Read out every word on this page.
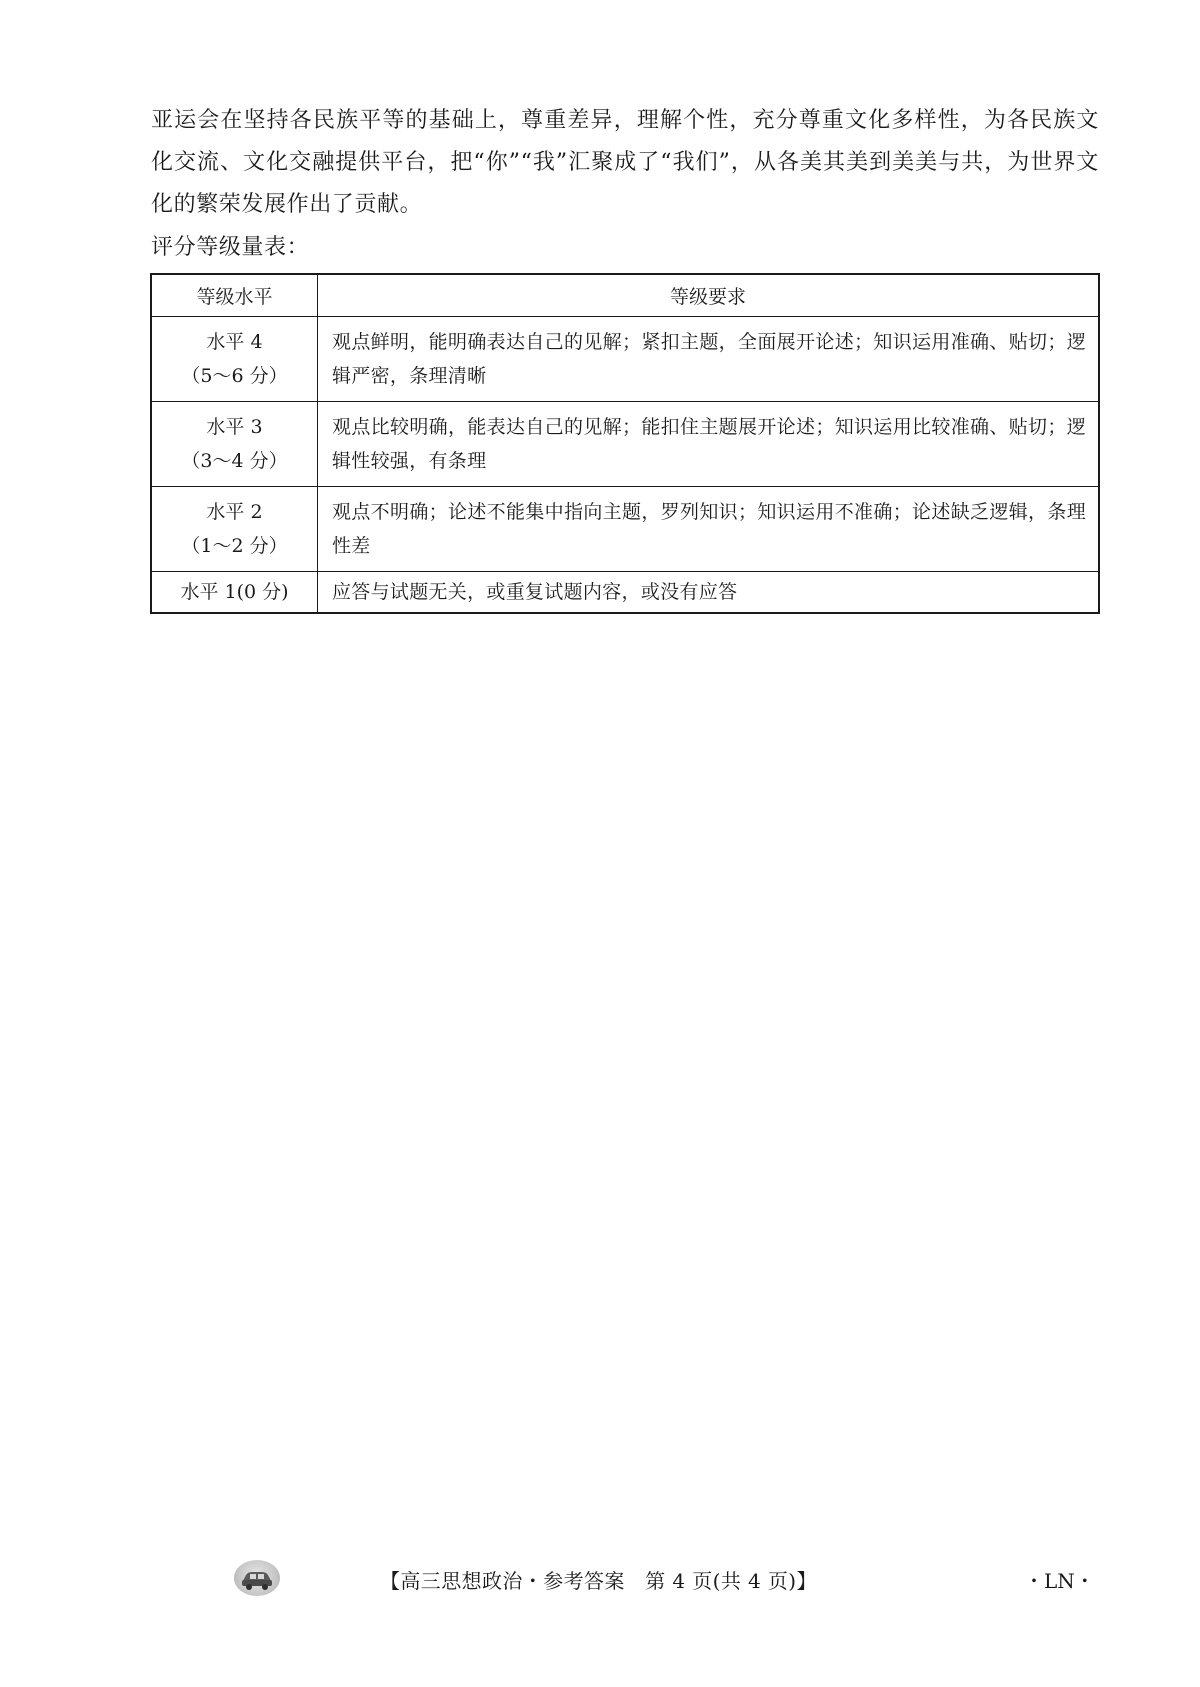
亚运会在坚持各民族平等的基础上，尊重差异，理解个性，充分尊重文化多样性，为各民族文化交流、文化交融提供平台，把“你”“我”汇聚成了“我们”，从各美其美到美美与共，为世界文化的繁荣发展作出了贡献。
评分等级量表：
等级水平	等级要求

水平 4
（5～6 分）	观点鲜明，能明确表达自己的见解；紧扣主题，全面展开论述；知识运用准确、贴切；逻辑严密，条理清晰

水平 3
（3～4 分）	观点比较明确，能表达自己的见解；能扣住主题展开论述；知识运用比较准确、贴切；逻辑性较强，有条理

水平 2
（1～2 分）	观点不明确；论述不能集中指向主题，罗列知识；知识运用不准确；论述缺乏逻辑，条理性差

水平 1(0 分)	应答与试题无关，或重复试题内容，或没有应答
【高三思想政治・参考答案　第 4 页(共 4 页)】	・LN・
